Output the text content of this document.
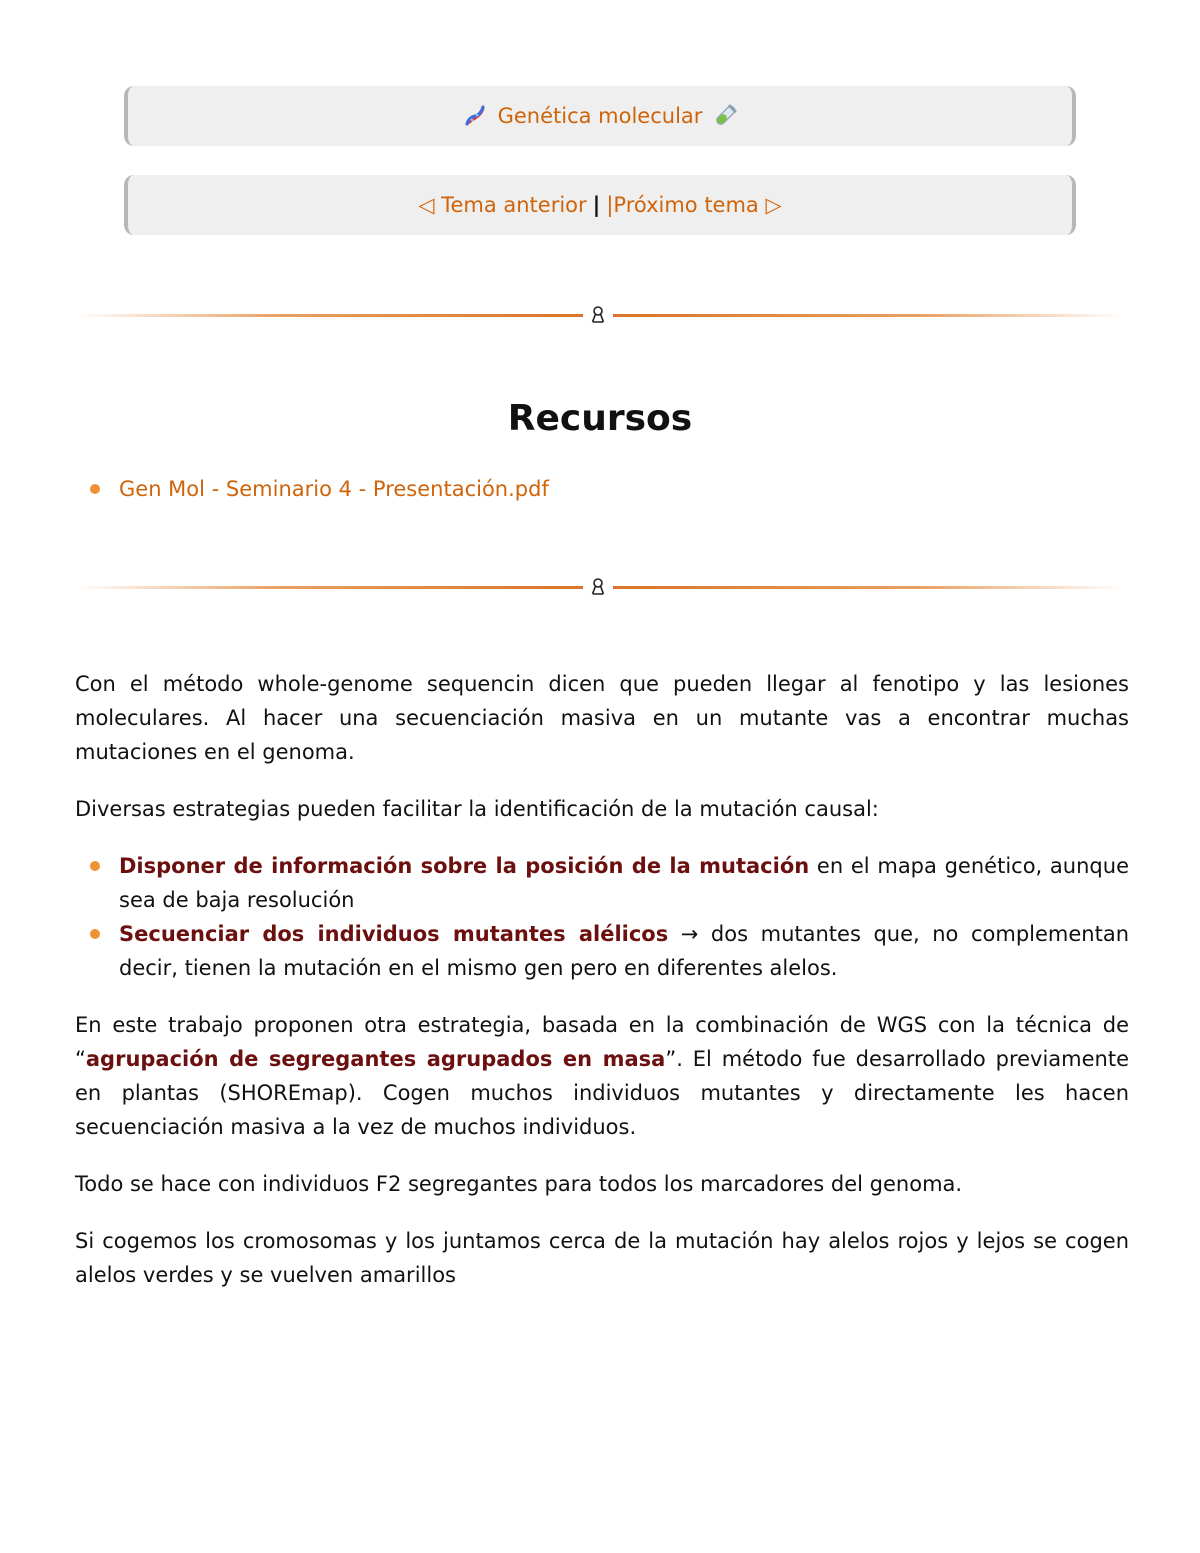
Genética molecular
◁ Tema anterior | |Próximo tema ▷
Recursos
Gen Mol - Seminario 4 - Presentación.pdf

Con el método whole-genome sequencin dicen que pueden llegar al fenotipo y las lesiones moleculares. Al hacer una secuenciación masiva en un mutante vas a encontrar muchas mutaciones en el genoma.

Diversas estrategias pueden facilitar la identificación de la mutación causal:

Disponer de información sobre la posición de la mutación en el mapa genético, aunque sea de baja resolución
Secuenciar dos individuos mutantes alélicos → dos mutantes que, no complementan decir, tienen la mutación en el mismo gen pero en diferentes alelos.

En este trabajo proponen otra estrategia, basada en la combinación de WGS con la técnica de “agrupación de segregantes agrupados en masa”. El método fue desarrollado previamente en plantas (SHOREmap). Cogen muchos individuos mutantes y directamente les hacen secuenciación masiva a la vez de muchos individuos.

Todo se hace con individuos F2 segregantes para todos los marcadores del genoma.

Si cogemos los cromosomas y los juntamos cerca de la mutación hay alelos rojos y lejos se cogen alelos verdes y se vuelven amarillos
